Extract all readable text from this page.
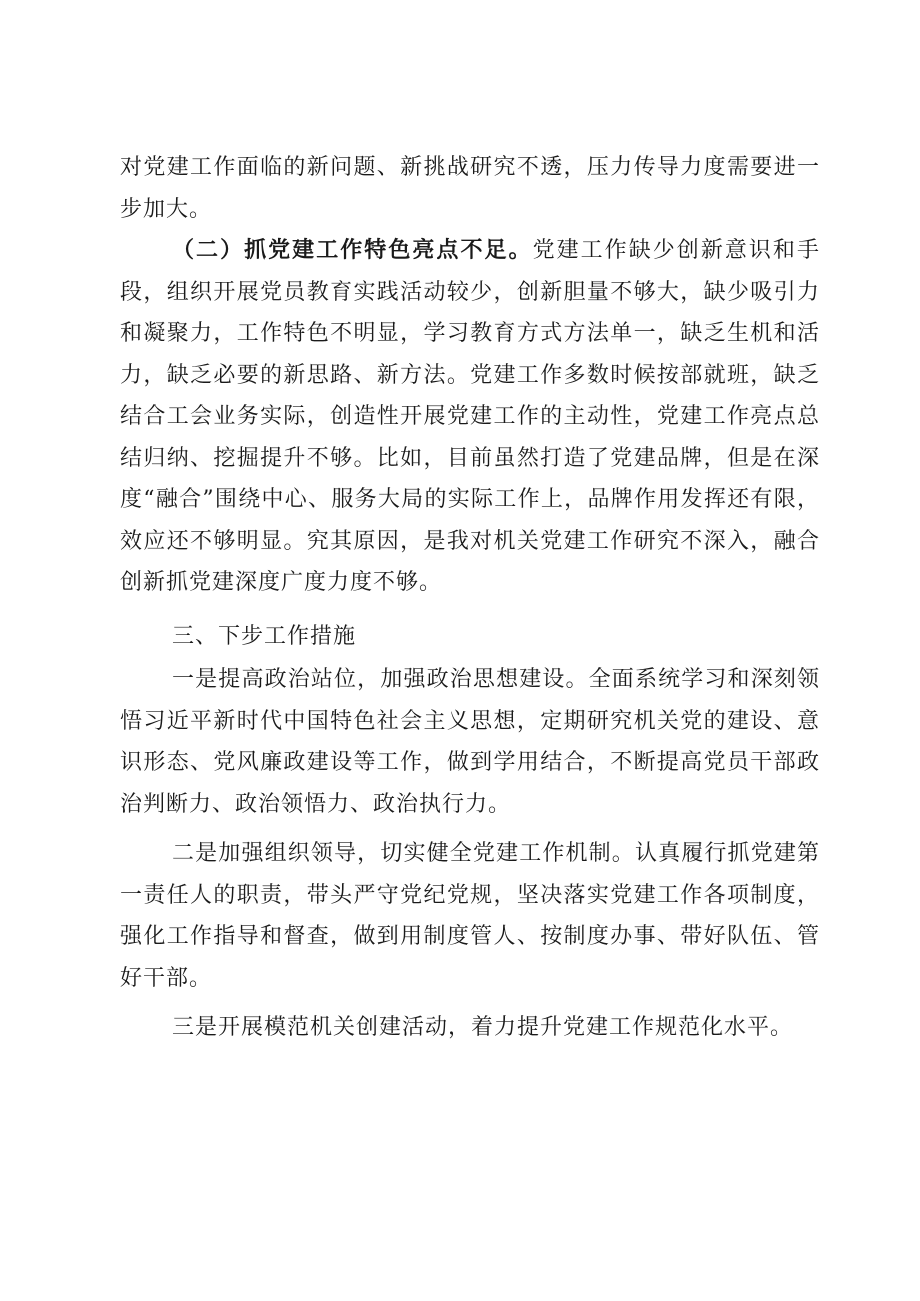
对党建工作面临的新问题、新挑战研究不透，压力传导力度需要进一
步加大。
（二）抓党建工作特色亮点不足。党建工作缺少创新意识和手
段，组织开展党员教育实践活动较少，创新胆量不够大，缺少吸引力
和凝聚力，工作特色不明显，学习教育方式方法单一，缺乏生机和活
力，缺乏必要的新思路、新方法。党建工作多数时候按部就班，缺乏
结合工会业务实际，创造性开展党建工作的主动性，党建工作亮点总
结归纳、挖掘提升不够。比如，目前虽然打造了党建品牌，但是在深
度“融合”围绕中心、服务大局的实际工作上，品牌作用发挥还有限，
效应还不够明显。究其原因，是我对机关党建工作研究不深入，融合
创新抓党建深度广度力度不够。
三、下步工作措施
一是提高政治站位，加强政治思想建设。全面系统学习和深刻领
悟习近平新时代中国特色社会主义思想，定期研究机关党的建设、意
识形态、党风廉政建设等工作，做到学用结合，不断提高党员干部政
治判断力、政治领悟力、政治执行力。
二是加强组织领导，切实健全党建工作机制。认真履行抓党建第
一责任人的职责，带头严守党纪党规，坚决落实党建工作各项制度，
强化工作指导和督查，做到用制度管人、按制度办事、带好队伍、管
好干部。
三是开展模范机关创建活动，着力提升党建工作规范化水平。
